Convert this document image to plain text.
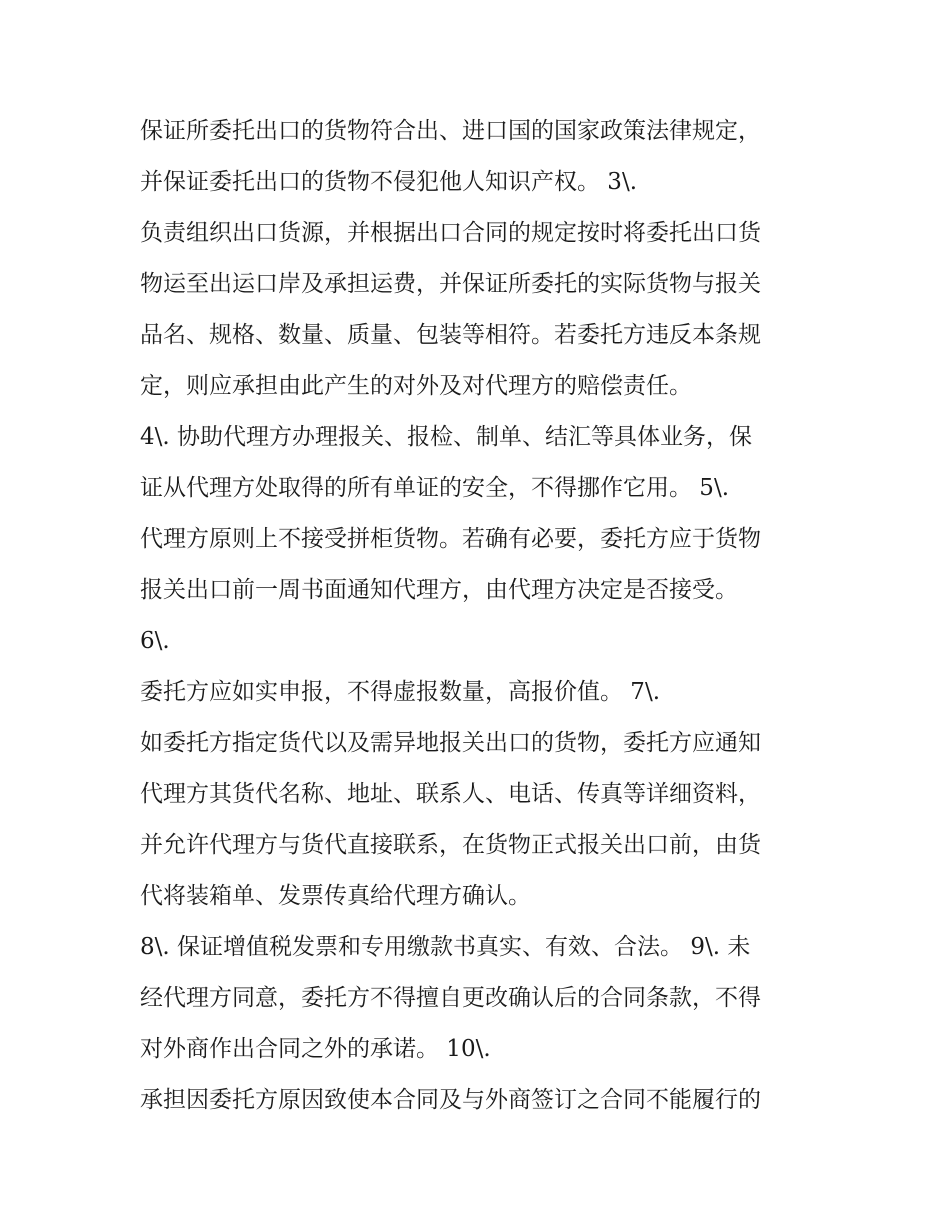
保证所委托出口的货物符合出、进口国的国家政策法律规定，
并保证委托出口的货物不侵犯他人知识产权。 3\.
负责组织出口货源，并根据出口合同的规定按时将委托出口货
物运至出运口岸及承担运费，并保证所委托的实际货物与报关
品名、规格、数量、质量、包装等相符。若委托方违反本条规
定，则应承担由此产生的对外及对代理方的赔偿责任。
4\. 协助代理方办理报关、报检、制单、结汇等具体业务，保
证从代理方处取得的所有单证的安全，不得挪作它用。 5\.
代理方原则上不接受拼柜货物。若确有必要，委托方应于货物
报关出口前一周书面通知代理方，由代理方决定是否接受。
6\.
委托方应如实申报，不得虚报数量，高报价值。 7\.
如委托方指定货代以及需异地报关出口的货物，委托方应通知
代理方其货代名称、地址、联系人、电话、传真等详细资料，
并允许代理方与货代直接联系，在货物正式报关出口前，由货
代将装箱单、发票传真给代理方确认。
8\. 保证增值税发票和专用缴款书真实、有效、合法。 9\. 未
经代理方同意，委托方不得擅自更改确认后的合同条款，不得
对外商作出合同之外的承诺。 10\.
承担因委托方原因致使本合同及与外商签订之合同不能履行的
